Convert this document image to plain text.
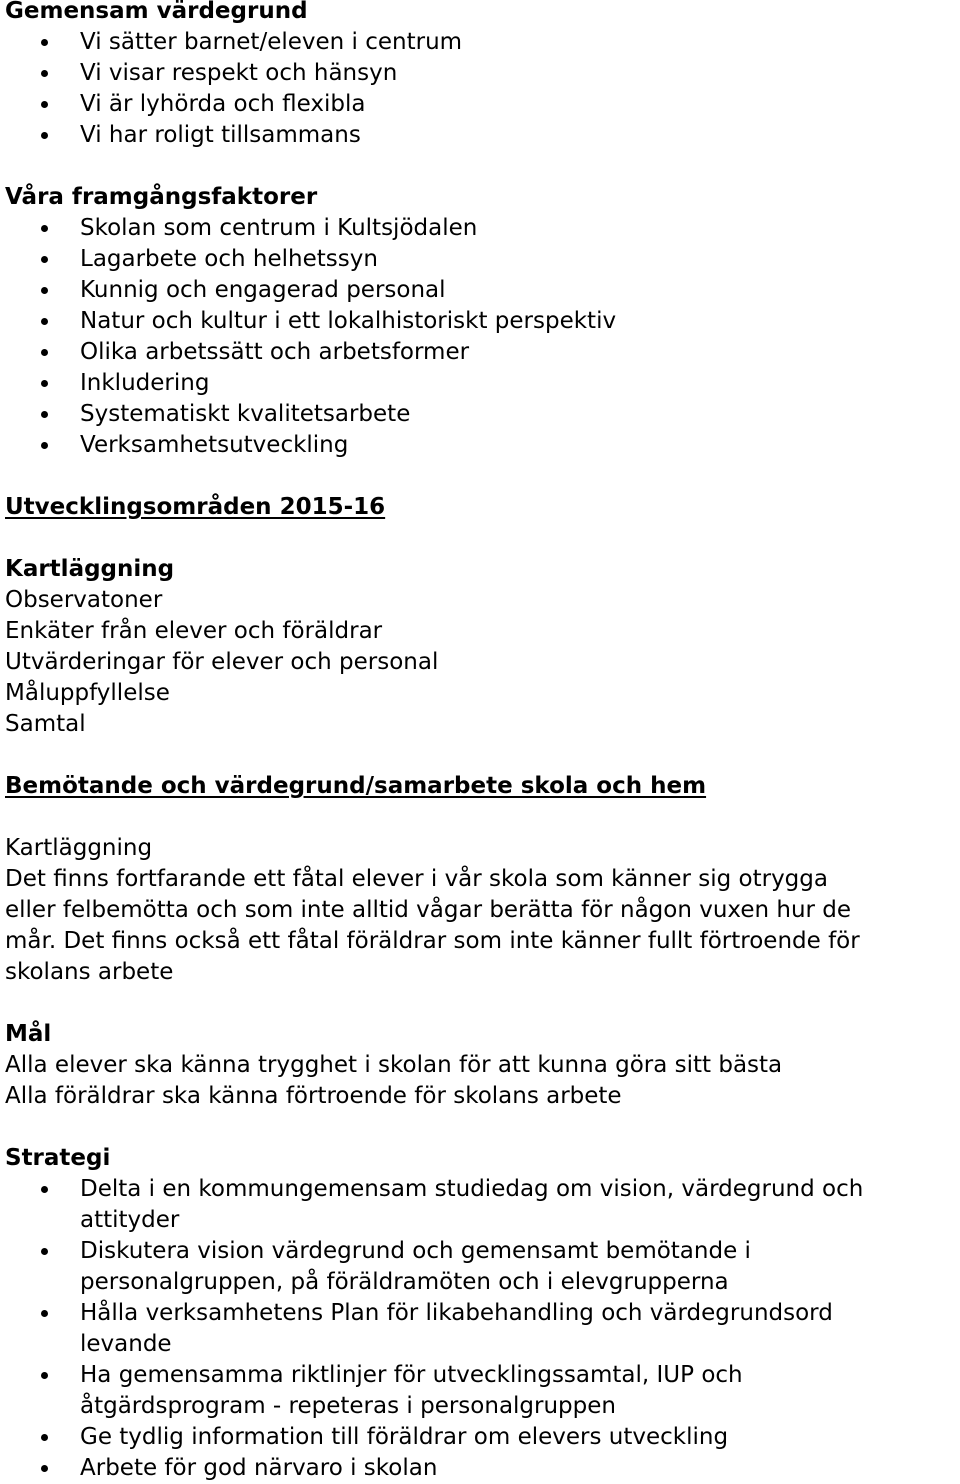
Gemensam värdegrund

Vi sätter barnet/eleven i centrum
Vi visar respekt och hänsyn
Vi är lyhörda och flexibla
Vi har roligt tillsammans

Våra framgångsfaktorer

Skolan som centrum i Kultsjödalen
Lagarbete och helhetssyn
Kunnig och engagerad personal
Natur och kultur i ett lokalhistoriskt perspektiv
Olika arbetssätt och arbetsformer
Inkludering
Systematiskt kvalitetsarbete
Verksamhetsutveckling

Utvecklingsområden 2015-16

Kartläggning

Observatoner

Enkäter från elever och föräldrar

Utvärderingar för elever och personal

Måluppfyllelse

Samtal

Bemötande och värdegrund/samarbete skola och hem

Kartläggning

Det finns fortfarande ett fåtal elever i vår skola som känner sig otrygga

eller felbemötta och som inte alltid vågar berätta för någon vuxen hur de

mår. Det finns också ett fåtal föräldrar som inte känner fullt förtroende för

skolans arbete

Mål

Alla elever ska känna trygghet i skolan för att kunna göra sitt bästa

Alla föräldrar ska känna förtroende för skolans arbete

Strategi

Delta i en kommungemensam studiedag om vision, värdegrund och attityder
Diskutera vision värdegrund och gemensamt bemötande i personalgruppen, på föräldramöten och i elevgrupperna
Hålla verksamhetens Plan för likabehandling och värdegrundsord levande
Ha gemensamma riktlinjer för utvecklingssamtal, IUP och åtgärdsprogram - repeteras i personalgruppen
Ge tydlig information till föräldrar om elevers utveckling
Arbete för god närvaro i skolan
